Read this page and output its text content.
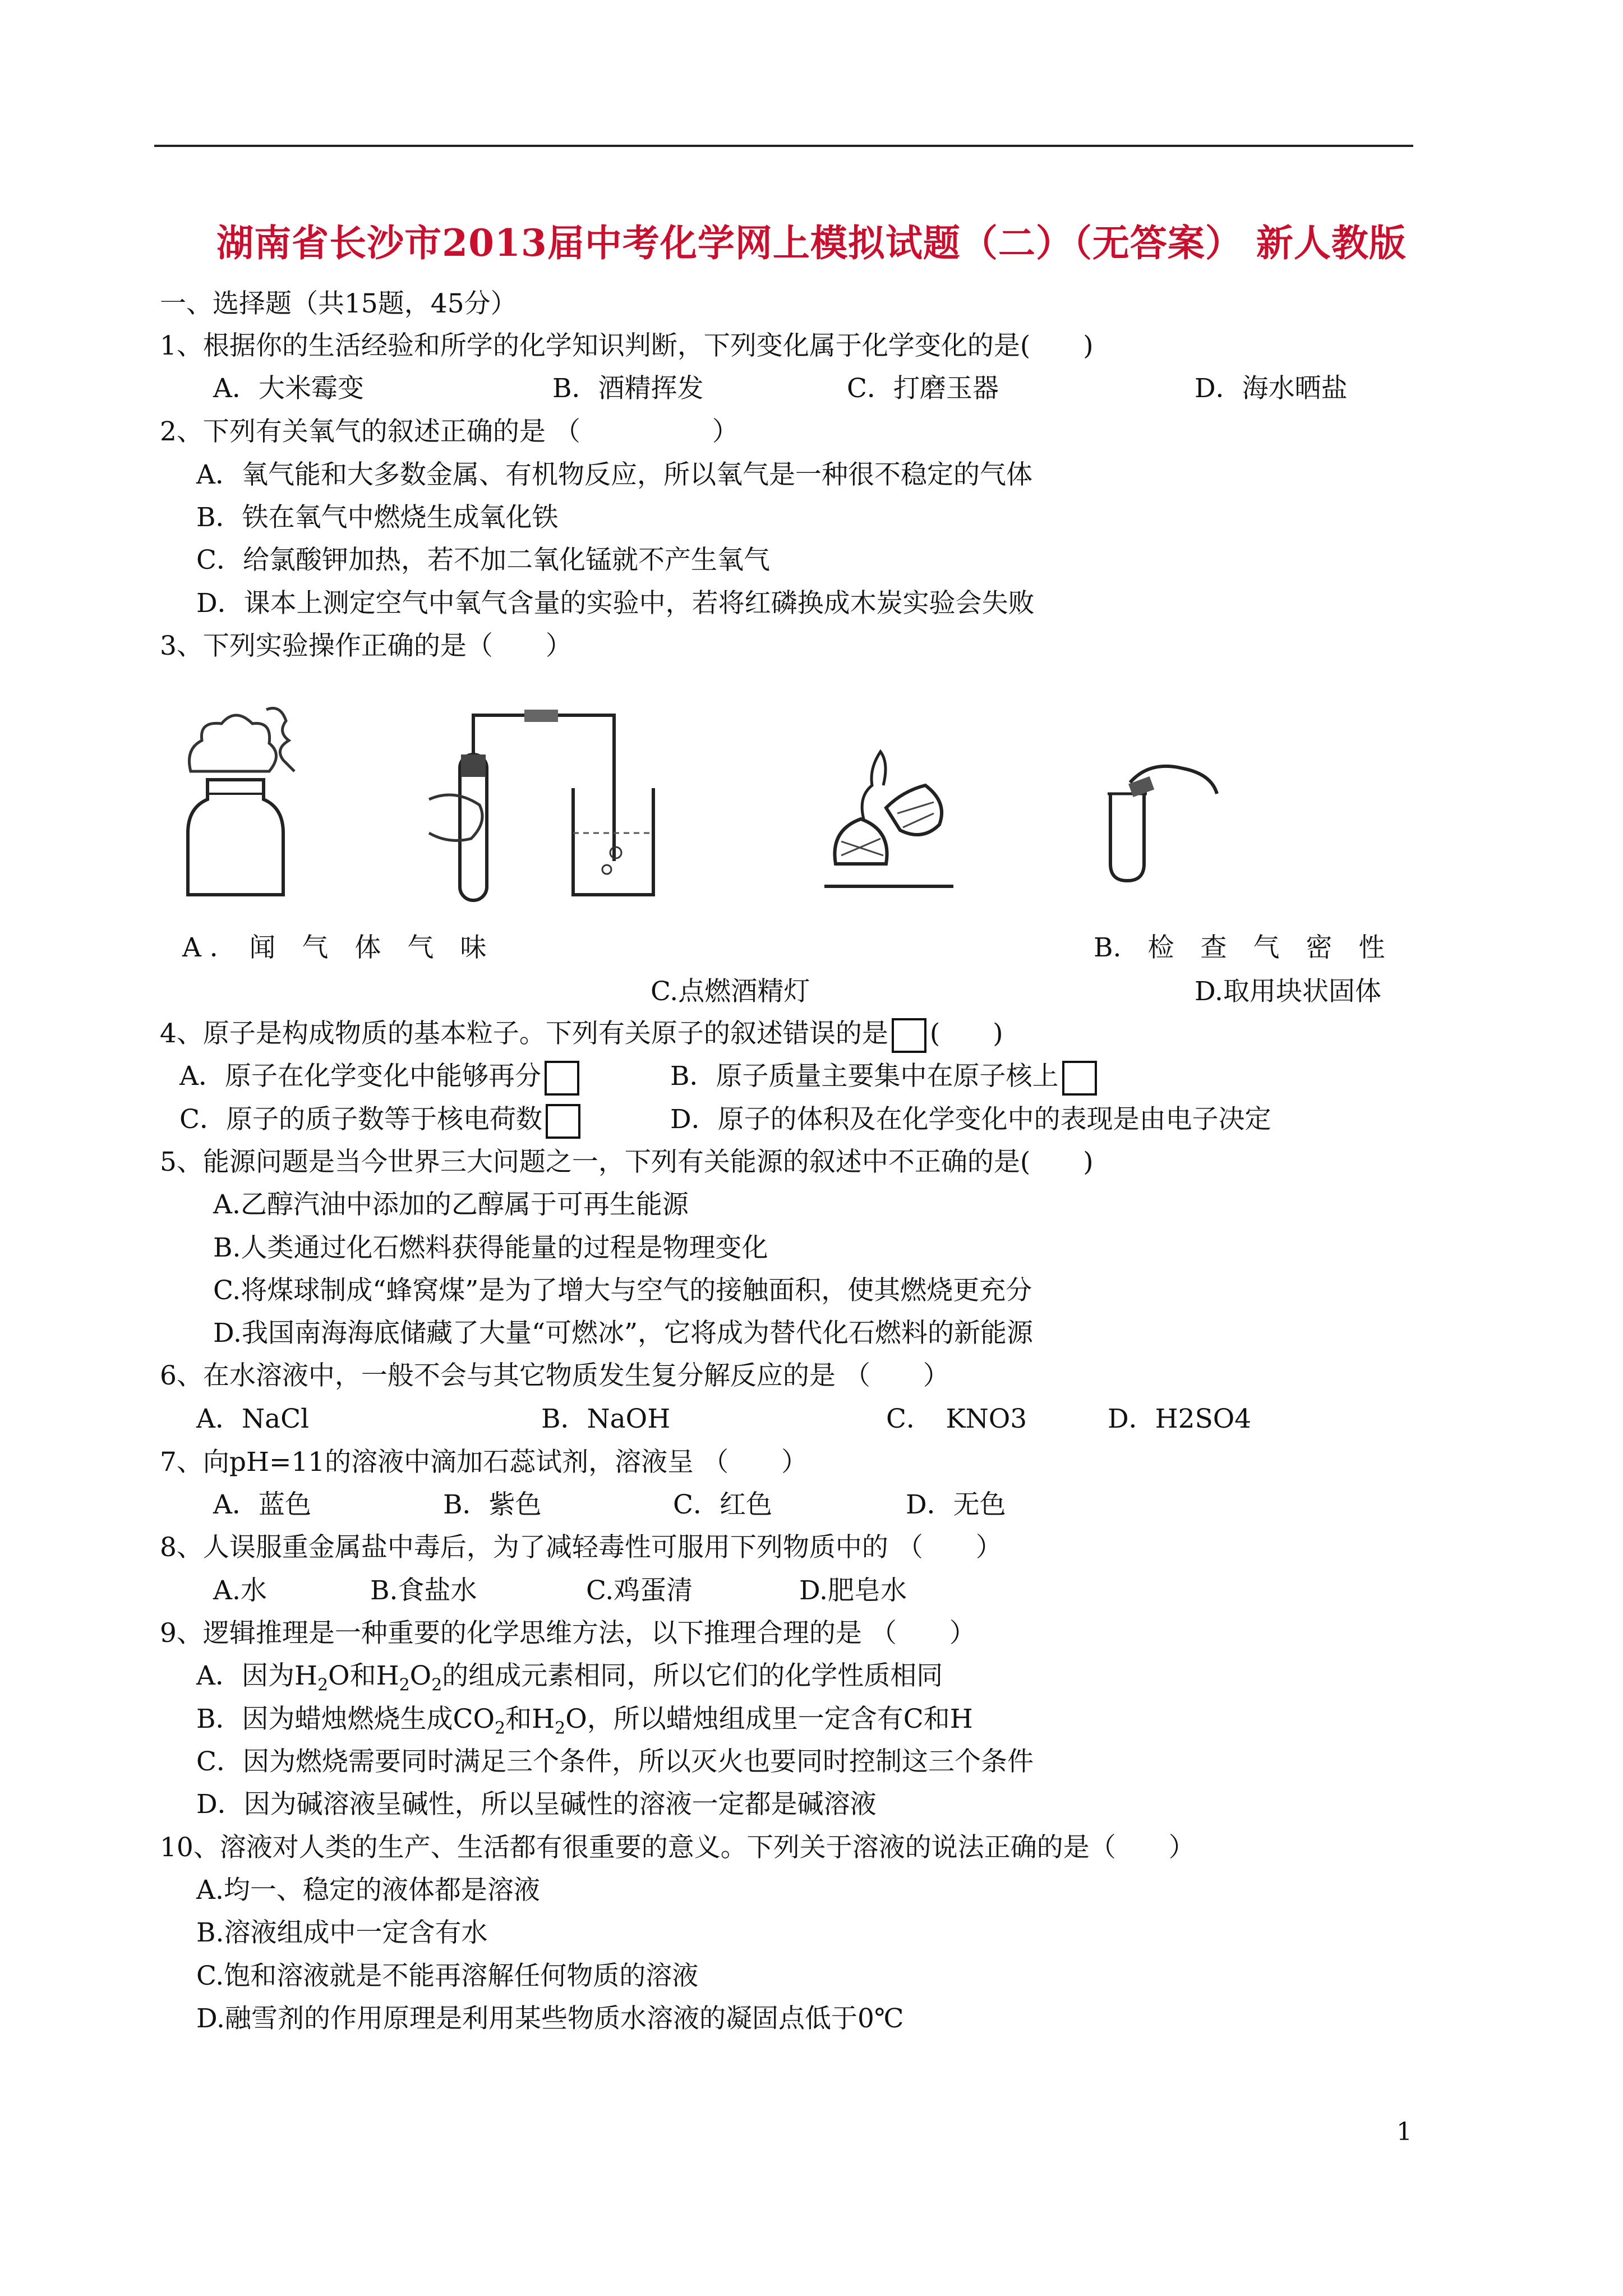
湖南省长沙市2013届中考化学网上模拟试题（二）（无答案） 新人教版
一、选择题（共15题，45分）
1、根据你的生活经验和所学的化学知识判断，下列变化属于化学变化的是(　　)
A．大米霉变	B．酒精挥发	C．打磨玉器	D．海水晒盐
2、下列有关氧气的叙述正确的是 （　　　　　）
A．氧气能和大多数金属、有机物反应，所以氧气是一种很不稳定的气体
B．铁在氧气中燃烧生成氧化铁
C．给氯酸钾加热，若不加二氧化锰就不产生氧气
D．课本上测定空气中氧气含量的实验中，若将红磷换成木炭实验会失败
3、下列实验操作正确的是（　　）
A ．　闻　气　体　气　味	B.　检　查　气　密　性
C.点燃酒精灯	D.取用块状固体
4、原子是构成物质的基本粒子。下列有关原子的叙述错误的是 (　　)
A．原子在化学变化中能够再分	B．原子质量主要集中在原子核上
C．原子的质子数等于核电荷数	D．原子的体积及在化学变化中的表现是由电子决定
5、能源问题是当今世界三大问题之一，下列有关能源的叙述中不正确的是(　　)
A.乙醇汽油中添加的乙醇属于可再生能源
B.人类通过化石燃料获得能量的过程是物理变化
C.将煤球制成“蜂窝煤”是为了增大与空气的接触面积，使其燃烧更充分
D.我国南海海底储藏了大量“可燃冰”，它将成为替代化石燃料的新能源
6、在水溶液中，一般不会与其它物质发生复分解反应的是 （　　）
A．NaCl	B．NaOH	C．　KNO3	D．H2SO4
7、向pH=11的溶液中滴加石蕊试剂，溶液呈 （　　）
A．蓝色	B．紫色	C．红色	D．无色
8、人误服重金属盐中毒后，为了减轻毒性可服用下列物质中的 （　　）
A.水	B.食盐水	C.鸡蛋清	D.肥皂水
9、逻辑推理是一种重要的化学思维方法，以下推理合理的是 （　　）
A．因为$H_2O$和$H_2O_2$的组成元素相同，所以它们的化学性质相同
B．因为蜡烛燃烧生成$CO_2$和$H_2O$，所以蜡烛组成里一定含有C和H
C．因为燃烧需要同时满足三个条件，所以灭火也要同时控制这三个条件
D．因为碱溶液呈碱性，所以呈碱性的溶液一定都是碱溶液
10、溶液对人类的生产、生活都有很重要的意义。下列关于溶液的说法正确的是（　　）
A.均一、稳定的液体都是溶液
B.溶液组成中一定含有水
C.饱和溶液就是不能再溶解任何物质的溶液
D.融雪剂的作用原理是利用某些物质水溶液的凝固点低于0℃
1
